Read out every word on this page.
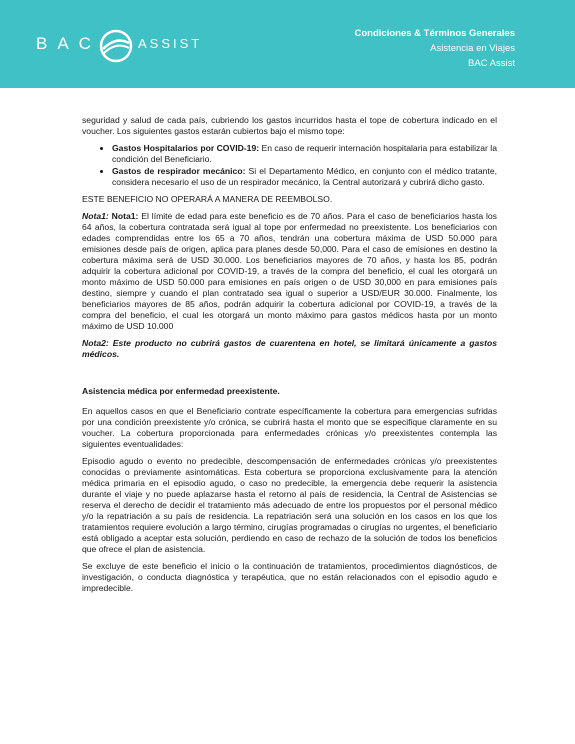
BAC	ASSIST
Condiciones & Términos Generales
Asistencia en Viajes
BAC Assist

seguridad y salud de cada país, cubriendo los gastos incurridos hasta el tope de cobertura indicado en el voucher. Los siguientes gastos estarán cubiertos bajo el mismo tope:

• Gastos Hospitalarios por COVID-19: En caso de requerir internación hospitalaria para estabilizar la condición del Beneficiario.
• Gastos de respirador mecánico: Si el Departamento Médico, en conjunto con el médico tratante, considera necesario el uso de un respirador mecánico, la Central autorizará y cubrirá dicho gasto.

ESTE BENEFICIO NO OPERARÁ A MANERA DE REEMBOLSO.

Nota1: Nota1: El límite de edad para este beneficio es de 70 años. Para el caso de beneficiarios hasta los 64 años, la cobertura contratada será igual al tope por enfermedad no preexistente. Los beneficiarios con edades comprendidas entre los 65 a 70 años, tendrán una cobertura máxima de USD 50.000 para emisiones desde país de origen, aplica para planes desde 50,000. Para el caso de emisiones en destino la cobertura máxima será de USD 30.000. Los beneficiarios mayores de 70 años, y hasta los 85, podrán adquirir la cobertura adicional por COVID-19, a través de la compra del beneficio, el cual les otorgará un monto máximo de USD 50.000 para emisiones en país origen o de USD 30,000 en para emisiones país destino, siempre y cuando el plan contratado sea igual o superior a USD/EUR 30.000. Finalmente, los beneficiarios mayores de 85 años, podrán adquirir la cobertura adicional por COVID-19, a través de la compra del beneficio, el cual les otorgará un monto máximo para gastos médicos hasta por un monto máximo de USD 10.000

Nota2: Este producto no cubrirá gastos de cuarentena en hotel, se limitará únicamente a gastos médicos.

Asistencia médica por enfermedad preexistente.

En aquellos casos en que el Beneficiario contrate específicamente la cobertura para emergencias sufridas por una condición preexistente y/o crónica, se cubrirá hasta el monto que se especifique claramente en su voucher. La cobertura proporcionada para enfermedades crónicas y/o preexistentes contempla las siguientes eventualidades:

Episodio agudo o evento no predecible, descompensación de enfermedades crónicas y/o preexistentes conocidas o previamente asintomáticas. Esta cobertura se proporciona exclusivamente para la atención médica primaria en el episodio agudo, o caso no predecible, la emergencia debe requerir la asistencia durante el viaje y no puede aplazarse hasta el retorno al país de residencia, la Central de Asistencias se reserva el derecho de decidir el tratamiento más adecuado de entre los propuestos por el personal médico y/o la repatriación a su país de residencia. La repatriación será una solución en los casos en los que los tratamientos requiere evolución a largo término, cirugías programadas o cirugías no urgentes, el beneficiario está obligado a aceptar esta solución, perdiendo en caso de rechazo de la solución de todos los beneficios que ofrece el plan de asistencia.

Se excluye de este beneficio el inicio o la continuación de tratamientos, procedimientos diagnósticos, de investigación, o conducta diagnóstica y terapéutica, que no están relacionados con el episodio agudo e impredecible.
